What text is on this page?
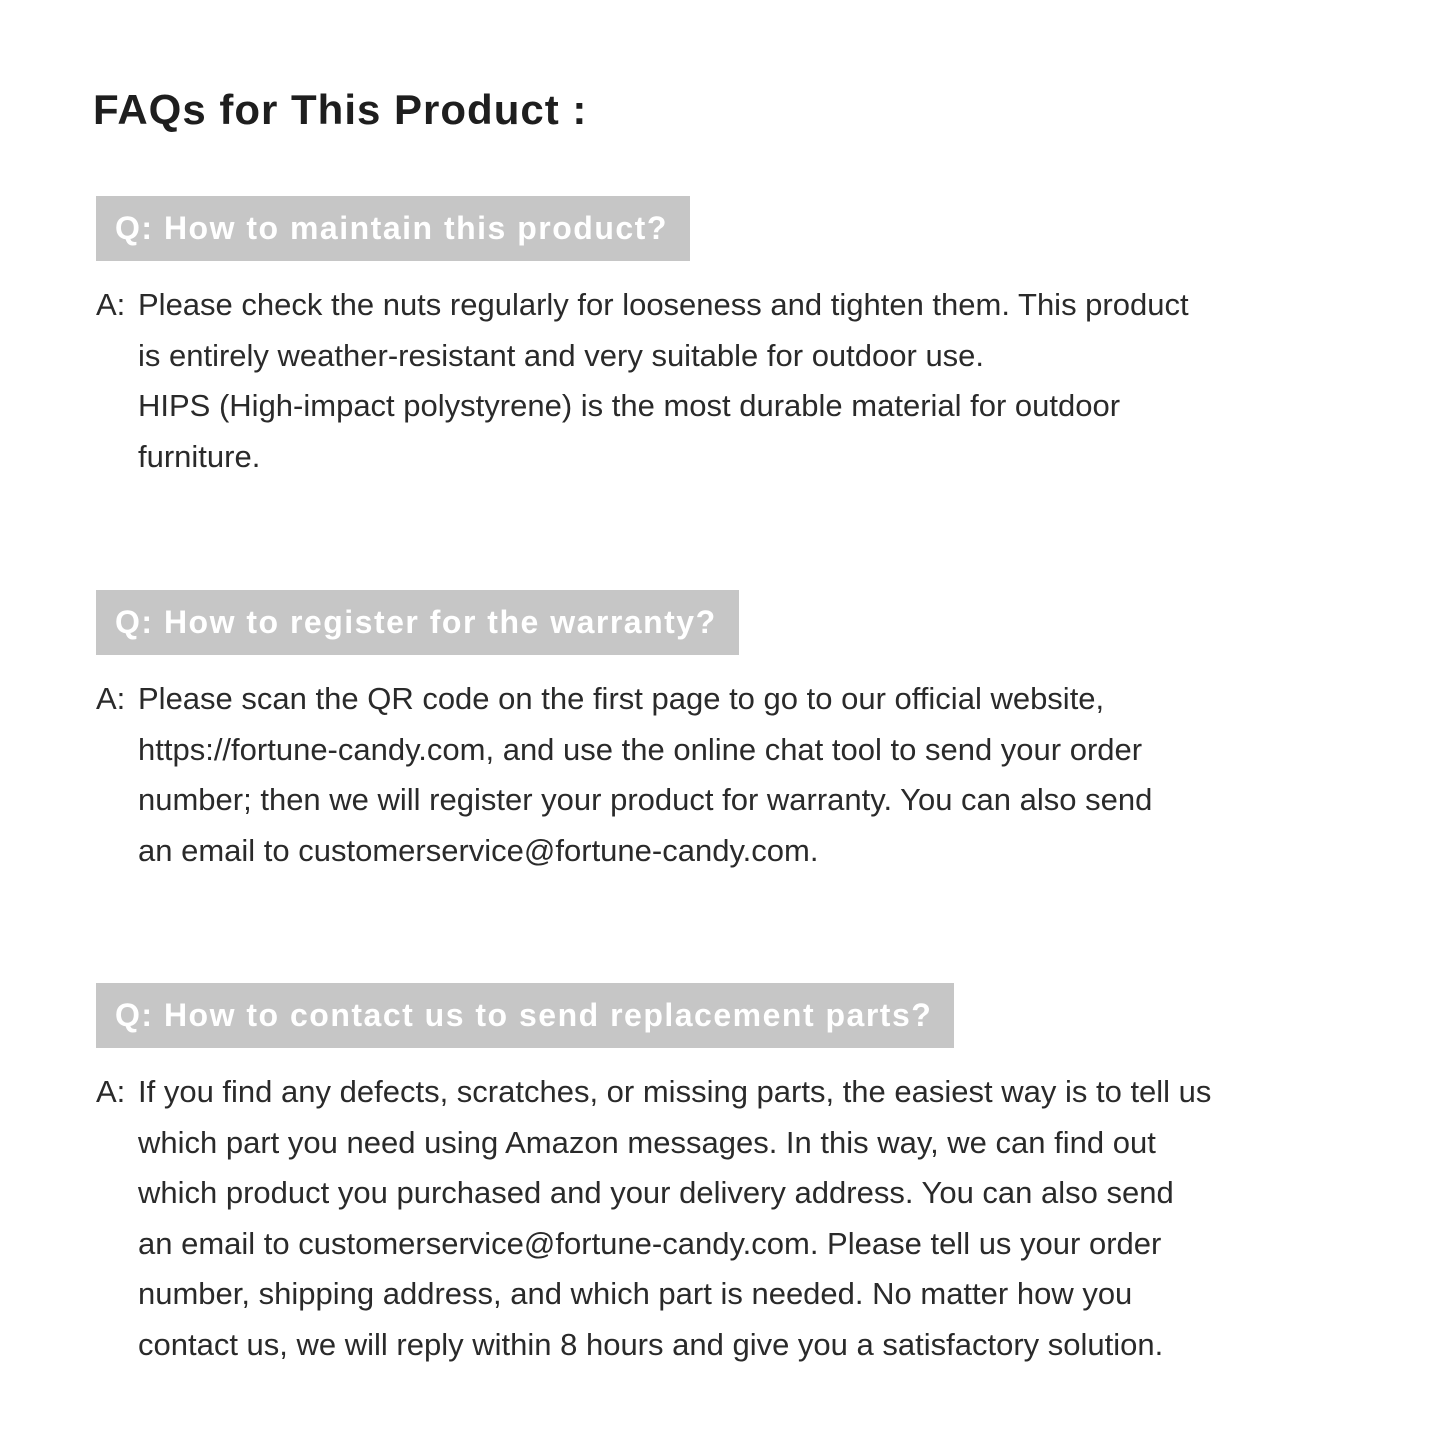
FAQs for This Product :
Q: How to maintain this product?
A: Please check the nuts regularly for looseness and tighten them. This product
is entirely weather-resistant and very suitable for outdoor use.
HIPS (High-impact polystyrene) is the most durable material for outdoor
furniture.
Q: How to register for the warranty?
A: Please scan the QR code on the first page to go to our official website,
https://fortune-candy.com, and use the online chat tool to send your order
number; then we will register your product for warranty. You can also send
an email to customerservice@fortune-candy.com.
Q: How to contact us to send replacement parts?
A: If you find any defects, scratches, or missing parts, the easiest way is to tell us
which part you need using Amazon messages. In this way, we can find out
which product you purchased and your delivery address. You can also send
an email to customerservice@fortune-candy.com. Please tell us your order
number, shipping address, and which part is needed. No matter how you
contact us, we will reply within 8 hours and give you a satisfactory solution.
